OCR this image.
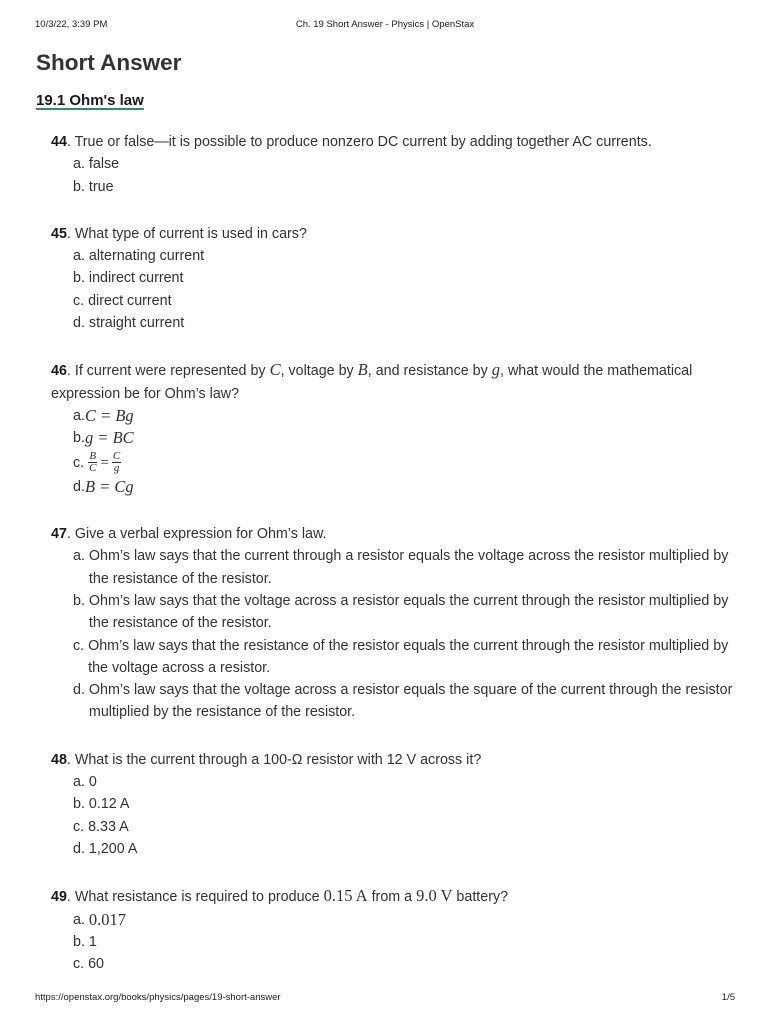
10/3/22, 3:39 PM	Ch. 19 Short Answer - Physics | OpenStax
Short Answer
19.1 Ohm's law
44. True or false—it is possible to produce nonzero DC current by adding together AC currents.
a.
false
b.
true
45. What type of current is used in cars?
a.
alternating current
b.
indirect current
c.
direct current
d.
straight current
46. If current were represented by C, voltage by B, and resistance by g, what would the mathematical expression be for Ohm’s law?
a. C = Bg
b. g = BC
c.
$\frac{B}{C} = \frac{C}{g}$
d. B = Cg
47. Give a verbal expression for Ohm’s law.
a.
Ohm’s law says that the current through a resistor equals the voltage across the resistor multiplied by the resistance of the resistor.
b.
Ohm’s law says that the voltage across a resistor equals the current through the resistor multiplied by the resistance of the resistor.
c.
Ohm’s law says that the resistance of the resistor equals the current through the resistor multiplied by the voltage across a resistor.
d.
Ohm’s law says that the voltage across a resistor equals the square of the current through the resistor multiplied by the resistance of the resistor.
48. What is the current through a 100-Ω resistor with 12 V across it?
a.
0
b.
0.12 A
c.
8.33 A
d.
1,200 A
49. What resistance is required to produce 0.15 A from a 9.0 V battery?
a.
0.017
b.
1
c.
60
https://openstax.org/books/physics/pages/19-short-answer	1/5
